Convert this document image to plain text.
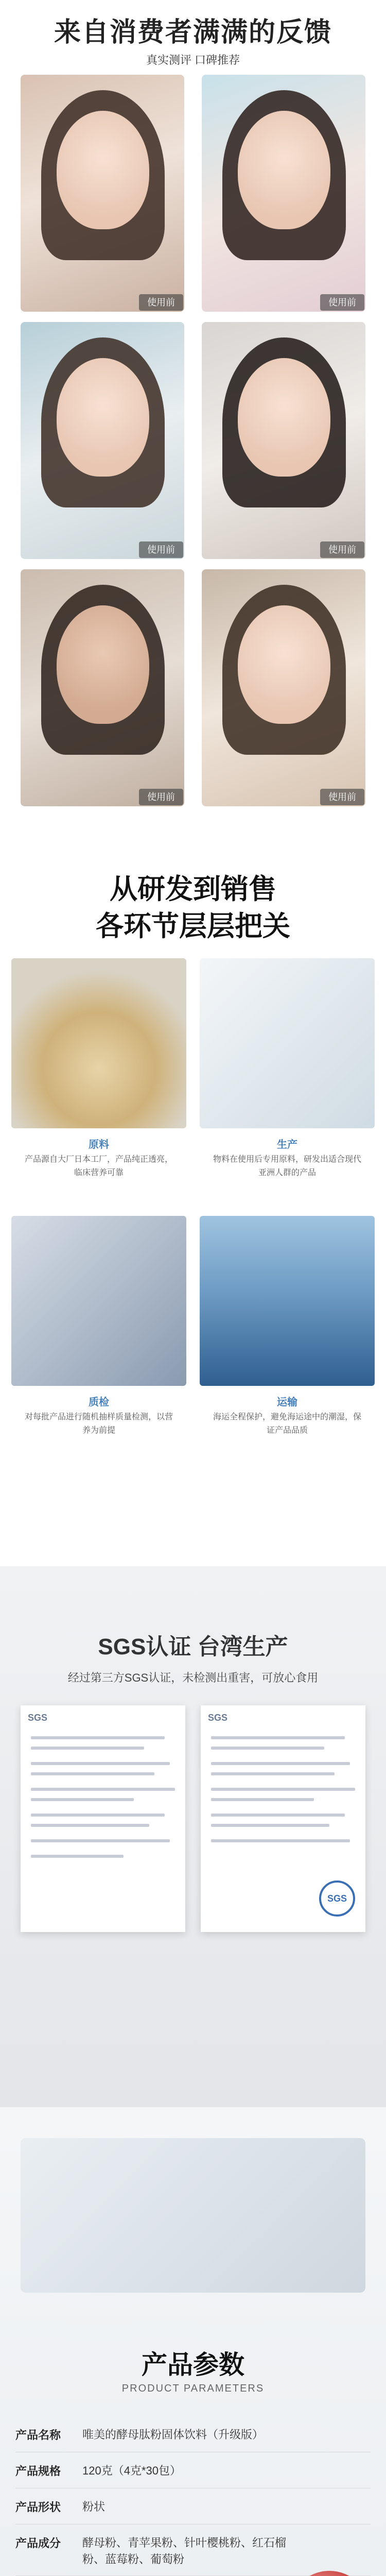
来自消费者满满的反馈
真实测评 口碑推荐
使用前	使用前
使用前	使用前
使用前	使用前
从研发到销售
各环节层层把关
原料
产品源自大厂日本工厂，产品纯正透亮，临床营养可靠
生产
物料在使用后专用原料，研发出适合现代亚洲人群的产品
质检
对每批产品进行随机抽样质量检测，以营养为前提
运输
海运全程保护，避免海运途中的潮湿，保证产品品质
SGS认证 台湾生产
经过第三方SGS认证，未检测出重害，可放心食用
SGS	SGS
SGS
产品参数
PRODUCT PARAMETERS
产品名称	唯美的酵母肽粉固体饮料（升级版）
产品规格	120克（4克*30包）
产品形状	粉状
产品成分	酵母粉、青苹果粉、针叶樱桃粉、红石榴粉、蓝莓粉、葡萄粉
